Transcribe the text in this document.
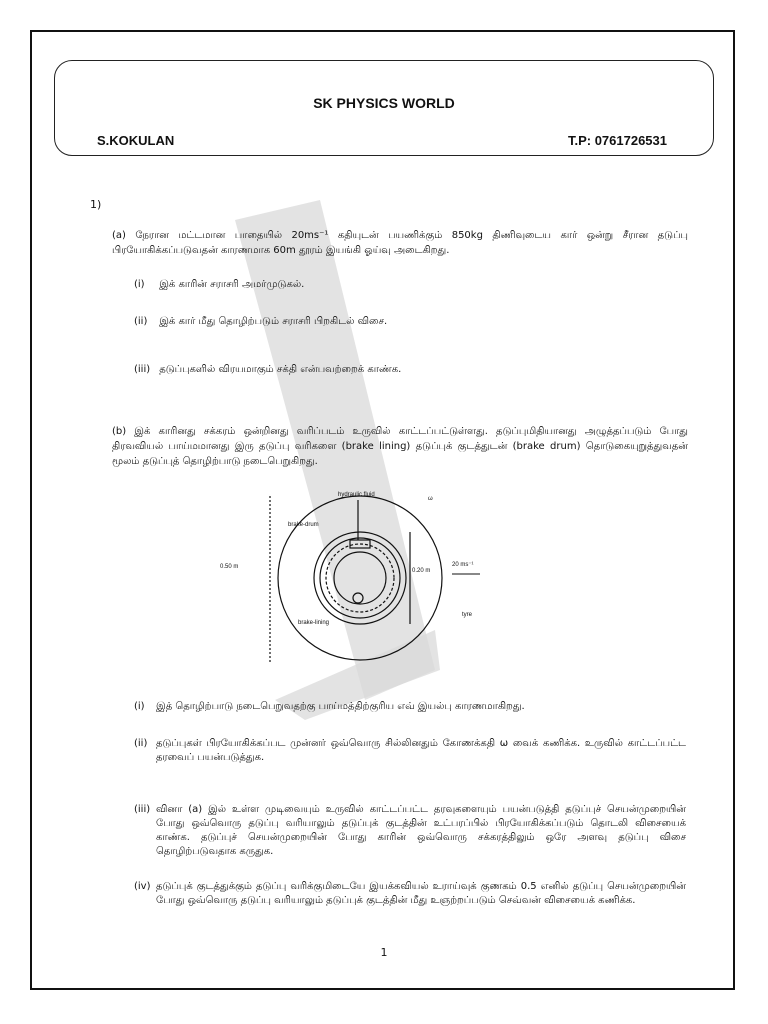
SK PHYSICS WORLD
S.KOKULAN	T.P: 0761726531
1)
(a) நேரான மட்டமான பாதையில் 20ms⁻¹ கதியுடன் பயணிக்கும் 850kg திணிவுடைய கார் ஒன்று சீரான தடுப்பு பிரயோகிக்கப்படுவதன் காரணமாக 60m தூரம் இயங்கி ஓய்வு அடைகிறது.
(i) இக் காரின் சராசரி அமர்முடுகல்.
(ii) இக் கார் மீது தொழிற்படும் சராசரி பிறகிடல் விசை.
(iii) தடுப்புகளில் விரயமாகும் சக்தி என்பவற்றைக் காண்க.
(b) இக் காரினது சக்கரம் ஒன்றினது வரிப்படம் உருவில் காட்டப்பட்டுள்ளது. தடுப்புமிதியானது அழுத்தப்படும் போது திரவவியல் பாய்மமானது இரு தடுப்பு வரிகளை (brake lining) தடுப்புக் குடத்துடன் (brake drum) தொடுகையுறுத்துவதன் மூலம் தடுப்புத் தொழிற்பாடு நடைபெறுகிறது.
hydraulic fluid
ω
brake-drum
0.50 m
0.20 m
20 ms⁻¹
brake-lining
tyre
(i) இத் தொழிற்பாடு நடைபெறுவதற்கு பாய்மத்திற்குரிய எவ் இயல்பு காரணமாகிறது.
(ii) தடுப்புகள் பிரயோகிக்கப்பட முன்னர் ஒவ்வொரு சில்லினதும் கோணக்கதி ω வைக் கணிக்க. உருவில் காட்டப்பட்ட தரவைப் பயன்படுத்துக.
(iii) வினா (a) இல் உள்ள முடிவையும் உருவில் காட்டப்பட்ட தரவுகளையும் பயன்படுத்தி தடுப்புச் செயன்முறையின் போது ஒவ்வொரு தடுப்பு வரியாலும் தடுப்புக் குடத்தின் உட்பரப்பில் பிரயோகிக்கப்படும் தொடலி விசையைக் காண்க. தடுப்புச் செயன்முறையின் போது காரின் ஒவ்வொரு சக்கரத்திலும் ஒரே அளவு தடுப்பு விசை தொழிற்படுவதாக கருதுக.
(iv) தடுப்புக் குடத்துக்கும் தடுப்பு வரிக்குமிடையே இயக்கவியல் உராய்வுக் குணகம் 0.5 எனில் தடுப்பு செயன்முறையின் போது ஒவ்வொரு தடுப்பு வரியாலும் தடுப்புக் குடத்தின் மீது உஞற்றப்படும் செவ்வன் விசையைக் கணிக்க.
1
